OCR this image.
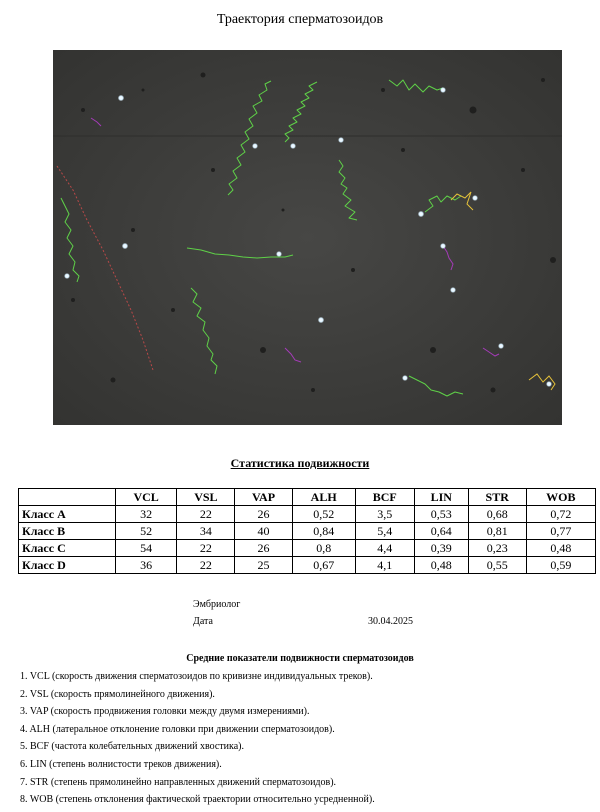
Траектория сперматозоидов
Статистика подвижности
	VCL	VSL	VAP	ALH	BCF	LIN	STR	WOB
Класс A	32	22	26	0,52	3,5	0,53	0,68	0,72
Класс B	52	34	40	0,84	5,4	0,64	0,81	0,77
Класс C	54	22	26	0,8	4,4	0,39	0,23	0,48
Класс D	36	22	25	0,67	4,1	0,48	0,55	0,59
Эмбриолог
Дата	30.04.2025
Средние показатели подвижности сперматозоидов
1. VCL (скорость движения сперматозоидов по кривизне индивидуальных треков).
2. VSL (скорость прямолинейного движения).
3. VAP (скорость продвижения головки между двумя измерениями).
4. ALH (латеральное отклонение головки при движении сперматозоидов).
5. BCF (частота колебательных движений хвостика).
6. LIN (степень волнистости треков движения).
7. STR (степень прямолинейно направленных движений сперматозоидов).
8. WOB (степень отклонения фактической траектории относительно усредненной).
